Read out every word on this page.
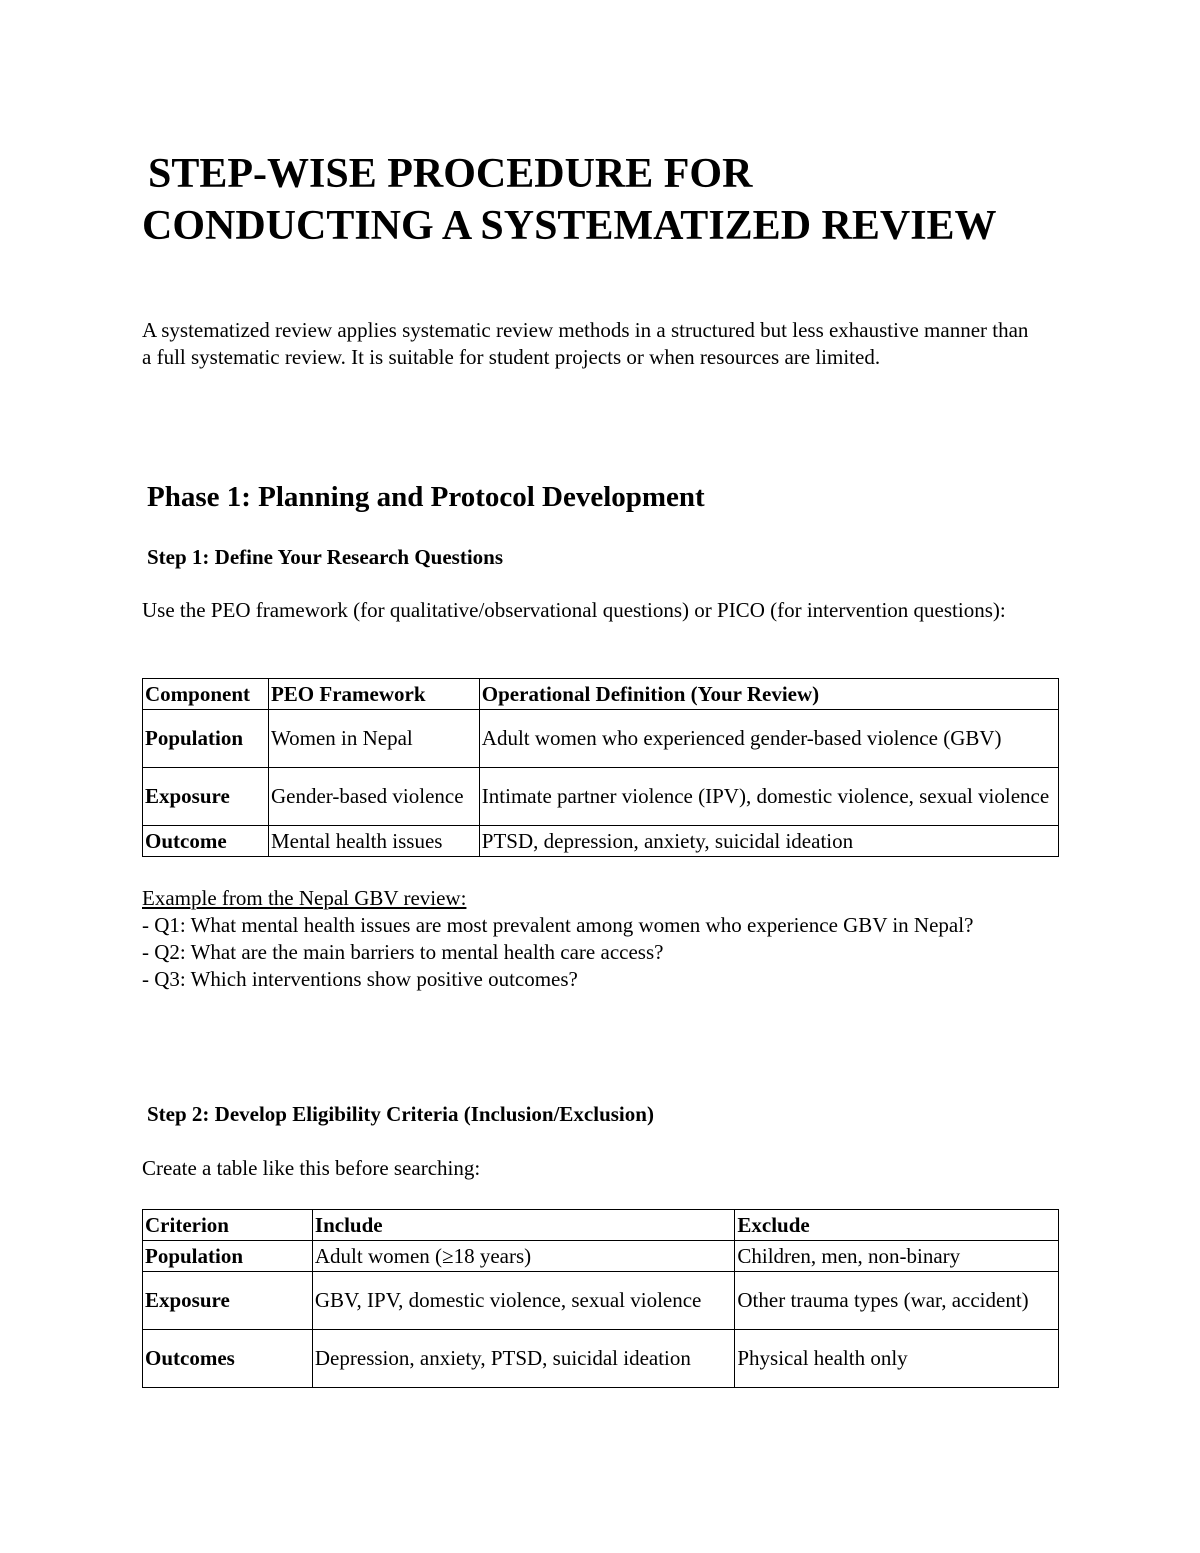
STEP-WISE PROCEDURE FOR
CONDUCTING A SYSTEMATIZED REVIEW

A systematized review applies systematic review methods in a structured but less exhaustive manner than a full systematic review. It is suitable for student projects or when resources are limited.

Phase 1: Planning and Protocol Development
Step 1: Define Your Research Questions

Use the PEO framework (for qualitative/observational questions) or PICO (for intervention questions):

Component	PEO Framework	Operational Definition (Your Review)
Population	Women in Nepal	Adult women who experienced gender-based violence (GBV)
Exposure	Gender-based violence	Intimate partner violence (IPV), domestic violence, sexual violence
Outcome	Mental health issues	PTSD, depression, anxiety, suicidal ideation
Example from the Nepal GBV review:
- Q1: What mental health issues are most prevalent among women who experience GBV in Nepal?
- Q2: What are the main barriers to mental health care access?
- Q3: Which interventions show positive outcomes?
Step 2: Develop Eligibility Criteria (Inclusion/Exclusion)

Create a table like this before searching:

Criterion	Include	Exclude
Population	Adult women (≥18 years)	Children, men, non-binary
Exposure	GBV, IPV, domestic violence, sexual violence	Other trauma types (war, accident)
Outcomes	Depression, anxiety, PTSD, suicidal ideation	Physical health only
